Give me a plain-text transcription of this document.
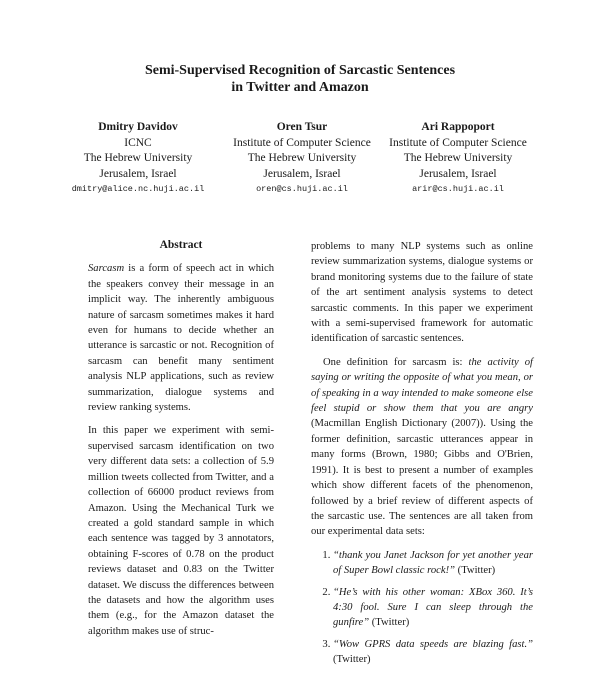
Semi-Supervised Recognition of Sarcastic Sentences
in Twitter and Amazon
Dmitry Davidov
ICNC
The Hebrew University
Jerusalem, Israel
dmitry@alice.nc.huji.ac.il
Oren Tsur
Institute of Computer Science
The Hebrew University
Jerusalem, Israel
oren@cs.huji.ac.il
Ari Rappoport
Institute of Computer Science
The Hebrew University
Jerusalem, Israel
arir@cs.huji.ac.il
Abstract

Sarcasm is a form of speech act in which the speakers convey their message in an implicit way. The inherently ambiguous nature of sarcasm sometimes makes it hard even for humans to decide whether an utterance is sarcastic or not. Recognition of sarcasm can benefit many sentiment analysis NLP applications, such as review summarization, dialogue systems and review ranking systems.

In this paper we experiment with semi-supervised sarcasm identification on two very different data sets: a collection of 5.9 million tweets collected from Twitter, and a collection of 66000 product reviews from Amazon. Using the Mechanical Turk we created a gold standard sample in which each sentence was tagged by 3 annotators, obtaining F-scores of 0.78 on the product reviews dataset and 0.83 on the Twitter dataset. We discuss the differences between the datasets and how the algorithm uses them (e.g., for the Amazon dataset the algorithm makes use of struc-

problems to many NLP systems such as online review summarization systems, dialogue systems or brand monitoring systems due to the failure of state of the art sentiment analysis systems to detect sarcastic comments. In this paper we experiment with a semi-supervised framework for automatic identification of sarcastic sentences.

One definition for sarcasm is: the activity of saying or writing the opposite of what you mean, or of speaking in a way intended to make someone else feel stupid or show them that you are angry (Macmillan English Dictionary (2007)). Using the former definition, sarcastic utterances appear in many forms (Brown, 1980; Gibbs and O'Brien, 1991). It is best to present a number of examples which show different facets of the phenomenon, followed by a brief review of different aspects of the sarcastic use. The sentences are all taken from our experimental data sets:

1. “thank you Janet Jackson for yet another year of Super Bowl classic rock!” (Twitter)
2. “He’s with his other woman: XBox 360. It’s 4:30 fool. Sure I can sleep through the gunfire” (Twitter)
3. “Wow GPRS data speeds are blazing fast.” (Twitter)
